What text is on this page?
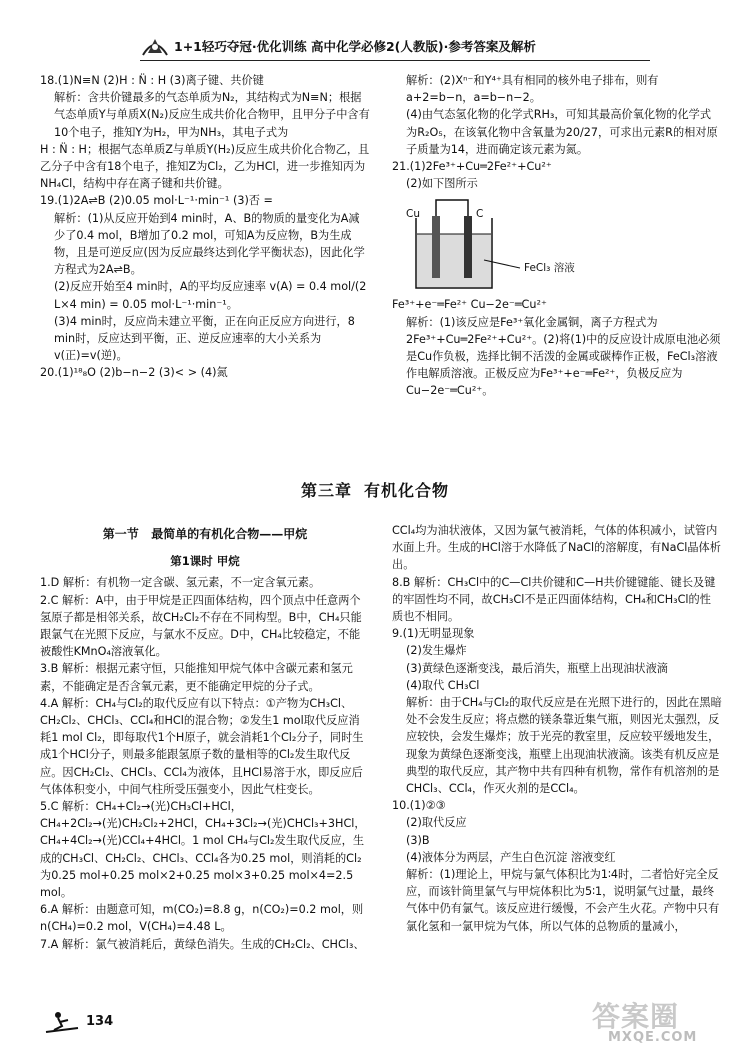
1+1轻巧夺冠·优化训练 高中化学必修2(人教版)·参考答案及解析

18.(1)N≡N (2)H : N̈ : H (3)离子键、共价键

解析：含共价键最多的气态单质为N₂，其结构式为N≡N；根据气态单质Y与单质X(N₂)反应生成共价化合物甲，且甲分子中含有10个电子，推知Y为H₂，甲为NH₃，其电子式为

H : N̈ : H；根据气态单质Z与单质Y(H₂)反应生成共价化合物乙，且乙分子中含有18个电子，推知Z为Cl₂，乙为HCl，进一步推知丙为NH₄Cl，结构中存在离子键和共价键。

19.(1)2A⇌B (2)0.05 mol·L⁻¹·min⁻¹ (3)否 =

解析：(1)从反应开始到4 min时，A、B的物质的量变化为A减少了0.4 mol，B增加了0.2 mol，可知A为反应物，B为生成物，且是可逆反应(因为反应最终达到化学平衡状态)，因此化学方程式为2A⇌B。

(2)反应开始至4 min时，A的平均反应速率 v(A) = 0.4 mol/(2 L×4 min) = 0.05 mol·L⁻¹·min⁻¹。

(3)4 min时，反应尚未建立平衡，正在向正反应方向进行，8 min时，反应达到平衡，正、逆反应速率的大小关系为v(正)=v(逆)。

20.(1)¹⁸₈O (2)b−n−2 (3)< > (4)氮

解析：(2)Xⁿ⁻和Y⁴⁺具有相同的核外电子排布，则有a+2=b−n，a=b−n−2。

(4)由气态氢化物的化学式RH₃，可知其最高价氧化物的化学式为R₂O₅，在该氧化物中含氧量为20/27，可求出元素R的相对原子质量为14，进而确定该元素为氮。

21.(1)2Fe³⁺+Cu═2Fe²⁺+Cu²⁺

(2)如下图所示

Cu	C
FeCl₃ 溶液

Fe³⁺+e⁻═Fe²⁺ Cu−2e⁻═Cu²⁺

解析：(1)该反应是Fe³⁺氧化金属铜，离子方程式为2Fe³⁺+Cu═2Fe²⁺+Cu²⁺。(2)将(1)中的反应设计成原电池必须是Cu作负极，选择比铜不活泼的金属或碳棒作正极，FeCl₃溶液作电解质溶液。正极反应为Fe³⁺+e⁻═Fe²⁺，负极反应为Cu−2e⁻═Cu²⁺。

第三章 有机化合物

第一节 最简单的有机化合物——甲烷

第1课时 甲烷

1.D 解析：有机物一定含碳、氢元素，不一定含氧元素。

2.C 解析：A中，由于甲烷是正四面体结构，四个顶点中任意两个氢原子都是相邻关系，故CH₂Cl₂不存在不同构型。B中，CH₄只能跟氯气在光照下反应，与氯水不反应。D中，CH₄比较稳定，不能被酸性KMnO₄溶液氧化。

3.B 解析：根据元素守恒，只能推知甲烷气体中含碳元素和氢元素，不能确定是否含氧元素，更不能确定甲烷的分子式。

4.A 解析：CH₄与Cl₂的取代反应有以下特点：①产物为CH₃Cl、CH₂Cl₂、CHCl₃、CCl₄和HCl的混合物；②发生1 mol取代反应消耗1 mol Cl₂，即每取代1个H原子，就会消耗1个Cl₂分子，同时生成1个HCl分子，则最多能跟氢原子数的量相等的Cl₂发生取代反应。因CH₂Cl₂、CHCl₃、CCl₄为液体，且HCl易溶于水，即反应后气体体积变小，中间气柱所受压强变小，因此气柱变长。

5.C 解析：CH₄+Cl₂→(光)CH₃Cl+HCl，CH₄+2Cl₂→(光)CH₂Cl₂+2HCl，CH₄+3Cl₂→(光)CHCl₃+3HCl，CH₄+4Cl₂→(光)CCl₄+4HCl。1 mol CH₄与Cl₂发生取代反应，生成的CH₃Cl、CH₂Cl₂、CHCl₃、CCl₄各为0.25 mol，则消耗的Cl₂为0.25 mol+0.25 mol×2+0.25 mol×3+0.25 mol×4=2.5 mol。

6.A 解析：由题意可知，m(CO₂)=8.8 g，n(CO₂)=0.2 mol，则n(CH₄)=0.2 mol，V(CH₄)=4.48 L。

7.A 解析：氯气被消耗后，黄绿色消失。生成的CH₂Cl₂、CHCl₃、

CCl₄均为油状液体，又因为氯气被消耗，气体的体积减小，试管内水面上升。生成的HCl溶于水降低了NaCl的溶解度，有NaCl晶体析出。

8.B 解析：CH₃Cl中的C—Cl共价键和C—H共价键键能、键长及键的牢固性均不同，故CH₃Cl不是正四面体结构，CH₄和CH₃Cl的性质也不相同。

9.(1)无明显现象

(2)发生爆炸

(3)黄绿色逐渐变浅，最后消失，瓶壁上出现油状液滴

(4)取代 CH₃Cl

解析：由于CH₄与Cl₂的取代反应是在光照下进行的，因此在黑暗处不会发生反应；将点燃的镁条靠近集气瓶，则因光太强烈，反应较快，会发生爆炸；放于光亮的教室里，反应较平缓地发生，现象为黄绿色逐渐变浅，瓶壁上出现油状液滴。该类有机反应是典型的取代反应，其产物中共有四种有机物，常作有机溶剂的是CHCl₃、CCl₄，作灭火剂的是CCl₄。

10.(1)②③

(2)取代反应

(3)B

(4)液体分为两层，产生白色沉淀 溶液变红

解析：(1)理论上，甲烷与氯气体积比为1∶4时，二者恰好完全反应，而该针筒里氯气与甲烷体积比为5∶1，说明氯气过量，最终气体中仍有氯气。该反应进行缓慢，不会产生火花。产物中只有氯化氢和一氯甲烷为气体，所以气体的总物质的量减小，

134	答案圈
MXQE.COM
